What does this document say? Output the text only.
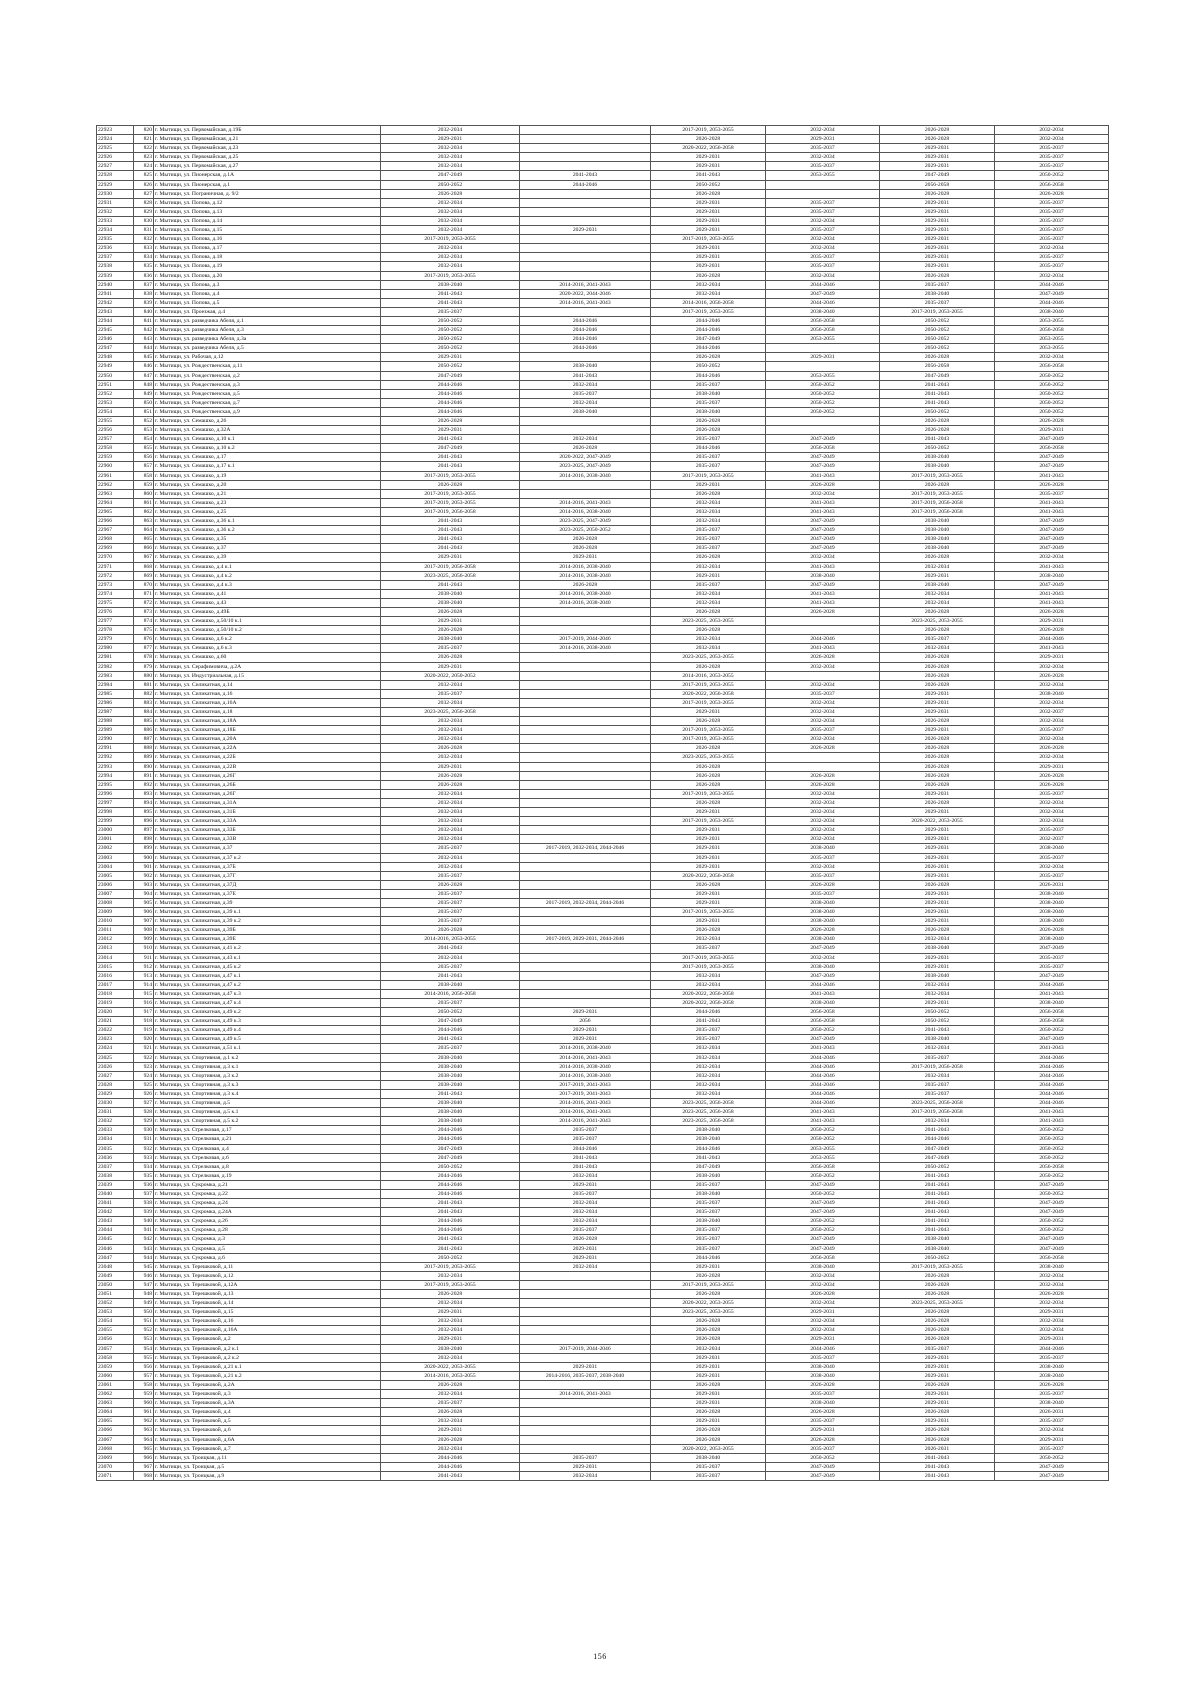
22923	820	г. Мытищи, ул. Первомайская, д.19Б	2032-2034		2017-2019, 2053-2055	2032-2034	2026-2028	2032-2034
22924	821	г. Мытищи, ул. Первомайская, д.21	2029-2031		2026-2028	2029-2031	2026-2028	2032-2034
22925	822	г. Мытищи, ул. Первомайская, д.23	2032-2034		2020-2022, 2056-2058	2035-2037	2029-2031	2035-2037
22926	823	г. Мытищи, ул. Первомайская, д.25	2032-2034		2029-2031	2032-2034	2029-2031	2035-2037
22927	824	г. Мытищи, ул. Первомайская, д.27	2032-2034		2029-2031	2035-2037	2029-2031	2035-2037
22928	825	г. Мытищи, ул. Пионерская, д.1А	2047-2049	2041-2043	2041-2043	2053-2055	2047-2049	2050-2052
22929	826	г. Мытищи, ул. Пионерская, д.1	2050-2052	2044-2046	2050-2052		2056-2058	2056-2058
22930	827	г. Мытищи, ул. Пограничная, д. 9/2	2026-2028		2026-2028		2026-2028	2026-2028
22931	828	г. Мытищи, ул. Попова, д.12	2032-2034		2029-2031	2035-2037	2029-2031	2035-2037
22932	829	г. Мытищи, ул. Попова, д.13	2032-2034		2029-2031	2035-2037	2029-2031	2035-2037
22933	830	г. Мытищи, ул. Попова, д.14	2032-2034		2029-2031	2032-2034	2029-2031	2035-2037
22934	831	г. Мытищи, ул. Попова, д.15	2032-2034	2029-2031	2029-2031	2035-2037	2029-2031	2035-2037
22935	832	г. Мытищи, ул. Попова, д.16	2017-2019, 2053-2055		2017-2019, 2053-2055	2032-2034	2029-2031	2035-2037
22936	833	г. Мытищи, ул. Попова, д.17	2032-2034		2029-2031	2032-2034	2029-2031	2032-2034
22937	834	г. Мытищи, ул. Попова, д.18	2032-2034		2029-2031	2035-2037	2029-2031	2035-2037
22938	835	г. Мытищи, ул. Попова, д.19	2032-2034		2029-2031	2035-2037	2029-2031	2035-2037
22939	836	г. Мытищи, ул. Попова, д.20	2017-2019, 2053-2055		2026-2028	2032-2034	2026-2028	2032-2034
22940	837	г. Мытищи, ул. Попова, д.3	2038-2040	2014-2016, 2041-2043	2032-2034	2044-2046	2035-2037	2044-2046
22941	838	г. Мытищи, ул. Попова, д.4	2041-2043	2020-2022, 2044-2046	2032-2034	2047-2049	2038-2040	2047-2049
22942	839	г. Мытищи, ул. Попова, д.5	2041-2043	2014-2016, 2041-2043	2014-2016, 2056-2058	2044-2046	2035-2037	2044-2046
22943	840	г. Мытищи, ул. Проезжая, д.4	2035-2037		2017-2019, 2053-2055	2038-2040	2017-2019, 2053-2055	2038-2040
22944	841	г. Мытищи, ул. разведчика Абеля, д.1	2050-2052	2044-2046	2044-2046	2056-2058	2050-2052	2053-2055
22945	842	г. Мытищи, ул. разведчика Абеля, д.3	2050-2052	2044-2046	2044-2046	2056-2058	2050-2052	2056-2058
22946	843	г. Мытищи, ул. разведчика Абеля, д.3а	2050-2052	2044-2046	2047-2049	2053-2055	2050-2052	2053-2055
22947	844	г. Мытищи, ул. разведчика Абеля, д.5	2050-2052	2044-2046	2044-2046		2050-2052	2053-2055
22948	845	г. Мытищи, ул. Рабочая, д.12	2029-2031		2026-2028	2029-2031	2026-2028	2032-2034
22949	846	г. Мытищи, ул. Рождественская, д.11	2050-2052	2038-2040	2050-2052		2056-2058	2056-2058
22950	847	г. Мытищи, ул. Рождественская, д.2	2047-2049	2041-2043	2044-2046	2053-2055	2047-2049	2050-2052
22951	848	г. Мытищи, ул. Рождественская, д.3	2044-2046	2032-2034	2035-2037	2050-2052	2041-2043	2050-2052
22952	849	г. Мытищи, ул. Рождественская, д.5	2044-2046	2035-2037	2038-2040	2050-2052	2041-2043	2050-2052
22953	850	г. Мытищи, ул. Рождественская, д.7	2044-2046	2032-2034	2035-2037	2050-2052	2041-2043	2050-2052
22954	851	г. Мытищи, ул. Рождественская, д.9	2044-2046	2038-2040	2038-2040	2050-2052	2050-2052	2050-2052
22955	852	г. Мытищи, ул. Семашко, д.26	2026-2028		2026-2028		2026-2028	2026-2028
22956	853	г. Мытищи, ул. Семашко, д.32А	2029-2031		2026-2028		2026-2028	2029-2031
22957	854	г. Мытищи, ул. Семашко, д.10 к.1	2041-2043	2032-2034	2035-2037	2047-2049	2041-2043	2047-2049
22958	855	г. Мытищи, ул. Семашко, д.10 к.2	2047-2049	2026-2028	2044-2046	2056-2058	2050-2052	2056-2058
22959	856	г. Мытищи, ул. Семашко, д.17	2041-2043	2020-2022, 2047-2049	2035-2037	2047-2049	2038-2040	2047-2049
22960	857	г. Мытищи, ул. Семашко, д.17 к.1	2041-2043	2023-2025, 2047-2049	2035-2037	2047-2049	2038-2040	2047-2049
22961	858	г. Мытищи, ул. Семашко, д.19	2017-2019, 2053-2055	2014-2016, 2038-2040	2017-2019, 2053-2055	2041-2043	2017-2019, 2053-2055	2041-2043
22962	859	г. Мытищи, ул. Семашко, д.20	2026-2028		2029-2031	2026-2028	2026-2028	2026-2028
22963	860	г. Мытищи, ул. Семашко, д.21	2017-2019, 2053-2055		2026-2028	2032-2034	2017-2019, 2053-2055	2035-2037
22964	861	г. Мытищи, ул. Семашко, д.23	2017-2019, 2053-2055	2014-2016, 2041-2043	2032-2034	2041-2043	2017-2019, 2056-2058	2041-2043
22965	862	г. Мытищи, ул. Семашко, д.25	2017-2019, 2056-2058	2014-2016, 2038-2040	2032-2034	2041-2043	2017-2019, 2056-2058	2041-2043
22966	863	г. Мытищи, ул. Семашко, д.36 к.1	2041-2043	2023-2025, 2047-2049	2032-2034	2047-2049	2038-2040	2047-2049
22967	864	г. Мытищи, ул. Семашко, д.36 к.2	2041-2043	2023-2025, 2050-2052	2035-2037	2047-2049	2038-2040	2047-2049
22968	865	г. Мытищи, ул. Семашко, д.35	2041-2043	2026-2028	2035-2037	2047-2049	2038-2040	2047-2049
22969	866	г. Мытищи, ул. Семашко, д.37	2041-2043	2026-2028	2035-2037	2047-2049	2038-2040	2047-2049
22970	867	г. Мытищи, ул. Семашко, д.39	2029-2031	2029-2031	2026-2028	2032-2034	2026-2028	2032-2034
22971	868	г. Мытищи, ул. Семашко, д.4 к.1	2017-2019, 2056-2058	2014-2016, 2038-2040	2032-2034	2041-2043	2032-2034	2041-2043
22972	869	г. Мытищи, ул. Семашко, д.4 к.2	2023-2025, 2056-2058	2014-2016, 2038-2040	2029-2031	2038-2040	2029-2031	2038-2040
22973	870	г. Мытищи, ул. Семашко, д.4 к.3	2041-2043	2026-2028	2035-2037	2047-2049	2038-2040	2047-2049
22974	871	г. Мытищи, ул. Семашко, д.41	2038-2040	2014-2016, 2038-2040	2032-2034	2041-2043	2032-2034	2041-2043
22975	872	г. Мытищи, ул. Семашко, д.43	2038-2040	2014-2016, 2038-2040	2032-2034	2041-2043	2032-2034	2041-2043
22976	873	г. Мытищи, ул. Семашко, д.49Б	2026-2028		2026-2028	2026-2028	2026-2028	2026-2028
22977	874	г. Мытищи, ул. Семашко, д.50/10 к.1	2029-2031		2023-2025, 2053-2055		2023-2025, 2053-2055	2029-2031
22978	875	г. Мытищи, ул. Семашко, д.50/10 к.2	2026-2028		2026-2028		2026-2028	2026-2028
22979	876	г. Мытищи, ул. Семашко, д.6 к.2	2038-2040	2017-2019, 2044-2046	2032-2034	2044-2046	2035-2037	2044-2046
22980	877	г. Мытищи, ул. Семашко, д.6 к.3	2035-2037	2014-2016, 2038-2040	2032-2034	2041-2043	2032-2034	2041-2043
22981	878	г. Мытищи, ул. Семашко, д.60	2026-2028		2023-2025, 2053-2055	2026-2028	2026-2028	2029-2031
22982	879	г. Мытищи, ул. Серафимовича, д.2А	2029-2031		2026-2028	2032-2034	2026-2028	2032-2034
22983	880	г. Мытищи, ул. Индустриальная, д.15	2020-2022, 2050-2052		2014-2016, 2053-2055		2026-2028	2026-2028
22984	881	г. Мытищи, ул. Силикатная, д.14	2032-2034		2017-2019, 2053-2055	2032-2034	2026-2028	2032-2034
22985	882	г. Мытищи, ул. Силикатная, д.16	2035-2037		2020-2022, 2056-2058	2035-2037	2029-2031	2038-2040
22986	883	г. Мытищи, ул. Силикатная, д.16А	2032-2034		2017-2019, 2053-2055	2032-2034	2029-2031	2032-2034
22987	884	г. Мытищи, ул. Силикатная, д.18	2023-2025, 2056-2058		2029-2031	2032-2034	2029-2031	2032-2037
22988	885	г. Мытищи, ул. Силикатная, д.18А	2032-2034		2026-2028	2032-2034	2026-2028	2032-2034
22989	886	г. Мытищи, ул. Силикатная, д.18Б	2032-2034		2017-2019, 2053-2055	2035-2037	2029-2031	2035-2037
22990	887	г. Мытищи, ул. Силикатная, д.20А	2032-2034		2017-2019, 2053-2055	2032-2034	2026-2028	2032-2034
22991	888	г. Мытищи, ул. Силикатная, д.22А	2026-2028		2026-2028	2026-2028	2026-2028	2026-2028
22992	889	г. Мытищи, ул. Силикатная, д.22Б	2032-2034		2023-2025, 2053-2055		2026-2028	2032-2034
22993	890	г. Мытищи, ул. Силикатная, д.22В	2029-2031		2026-2028		2026-2028	2029-2031
22994	891	г. Мытищи, ул. Силикатная, д.26Г	2026-2028		2026-2028	2026-2028	2026-2028	2026-2028
22995	892	г. Мытищи, ул. Силикатная, д.26Б	2026-2028		2026-2028	2026-2028	2026-2028	2026-2028
22996	893	г. Мытищи, ул. Силикатная, д.26Г	2032-2034		2017-2019, 2053-2055	2032-2034	2029-2031	2035-2037
22997	894	г. Мытищи, ул. Силикатная, д.31А	2032-2034		2026-2028	2032-2034	2026-2028	2032-2034
22998	895	г. Мытищи, ул. Силикатная, д.31Б	2032-2034		2029-2031	2032-2034	2029-2031	2032-2034
22999	896	г. Мытищи, ул. Силикатная, д.33А	2032-2034		2017-2019, 2053-2055	2032-2034	2020-2022, 2053-2055	2032-2034
23000	897	г. Мытищи, ул. Силикатная, д.33Б	2032-2034		2029-2031	2032-2034	2029-2031	2035-2037
23001	898	г. Мытищи, ул. Силикатная, д.33В	2032-2034		2029-2031	2032-2034	2029-2031	2032-2037
23002	899	г. Мытищи, ул. Силикатная, д.37	2035-2037	2017-2019, 2032-2034, 2044-2046	2029-2031	2038-2040	2029-2031	2038-2040
23003	900	г. Мытищи, ул. Силикатная, д.37 к.2	2032-2034		2029-2031	2035-2037	2029-2031	2035-2037
23004	901	г. Мытищи, ул. Силикатная, д.37Б	2032-2034		2029-2031	2032-2034	2026-2031	2032-2034
23005	902	г. Мытищи, ул. Силикатная, д.37Г	2035-2037		2020-2022, 2056-2058	2035-2037	2029-2031	2035-2037
23006	903	г. Мытищи, ул. Силикатная, д.37Д	2026-2028		2026-2028	2026-2028	2026-2028	2026-2031
23007	904	г. Мытищи, ул. Силикатная, д.37Е	2035-2037		2029-2031	2035-2037	2029-2031	2038-2040
23008	905	г. Мытищи, ул. Силикатная, д.39	2035-2037	2017-2019, 2032-2034, 2044-2046	2029-2031	2038-2040	2029-2031	2038-2040
23009	906	г. Мытищи, ул. Силикатная, д.39 к.1	2035-2037		2017-2019, 2053-2055	2038-2040	2029-2031	2038-2040
23010	907	г. Мытищи, ул. Силикатная, д.39 к.2	2035-2037		2029-2031	2038-2040	2029-2031	2038-2040
23011	908	г. Мытищи, ул. Силикатная, д.39Б	2026-2028		2026-2028	2026-2028	2026-2028	2026-2028
23012	909	г. Мытищи, ул. Силикатная, д.39Е	2014-2016, 2053-2055	2017-2019, 2029-2031, 2044-2046	2032-2034	2038-2040	2032-2034	2038-2040
23013	910	г. Мытищи, ул. Силикатная, д.41 к.2	2041-2043		2035-2037	2047-2049	2038-2040	2047-2049
23014	911	г. Мытищи, ул. Силикатная, д.43 к.1	2032-2034		2017-2019, 2053-2055	2032-2034	2029-2031	2035-2037
23015	912	г. Мытищи, ул. Силикатная, д.45 к.2	2035-2037		2017-2019, 2053-2055	2038-2040	2029-2031	2035-2037
23016	913	г. Мытищи, ул. Силикатная, д.47 к.1	2041-2043		2032-2034	2047-2049	2038-2040	2047-2049
23017	914	г. Мытищи, ул. Силикатная, д.47 к.2	2038-2040		2032-2034	2044-2046	2032-2034	2044-2046
23018	915	г. Мытищи, ул. Силикатная, д.47 к.3	2014-2016, 2056-2058		2020-2022, 2056-2058	2041-2043	2032-2034	2041-2043
23019	916	г. Мытищи, ул. Силикатная, д.47 к.4	2035-2037		2020-2022, 2056-2058	2038-2040	2029-2031	2038-2040
23020	917	г. Мытищи, ул. Силикатная, д.49 к.2	2050-2052	2029-2031	2044-2046	2056-2058	2050-2052	2056-2058
23021	918	г. Мытищи, ул. Силикатная, д.49 к.3	2047-2049	2056	2041-2043	2056-2058	2050-2052	2056-2058
23022	919	г. Мытищи, ул. Силикатная, д.49 к.4	2044-2046	2029-2031	2035-2037	2050-2052	2041-2043	2050-2052
23023	920	г. Мытищи, ул. Силикатная, д.49 к.5	2041-2043	2029-2031	2035-2037	2047-2049	2038-2040	2047-2049
23024	921	г. Мытищи, ул. Силикатная, д.51 к.1	2035-2037	2014-2016, 2038-2040	2032-2034	2041-2043	2032-2034	2041-2043
23025	922	г. Мытищи, ул. Спортивная, д.1 к.2	2038-2040	2014-2016, 2041-2043	2032-2034	2044-2046	2035-2037	2044-2046
23026	923	г. Мытищи, ул. Спортивная, д.3 к.1	2038-2040	2014-2016, 2038-2040	2032-2034	2044-2046	2017-2019, 2056-2058	2044-2046
23027	924	г. Мытищи, ул. Спортивная, д.3 к.2	2038-2040	2014-2016, 2038-2040	2032-2034	2044-2046	2032-2034	2044-2046
23028	925	г. Мытищи, ул. Спортивная, д.3 к.3	2038-2040	2017-2019, 2041-2043	2032-2034	2044-2046	2035-2037	2044-2046
23029	926	г. Мытищи, ул. Спортивная, д.3 к.4	2041-2043	2017-2019, 2041-2043	2032-2034	2044-2046	2035-2037	2044-2046
23030	927	г. Мытищи, ул. Спортивная, д.5	2038-2040	2014-2016, 2041-2043	2023-2025, 2056-2058	2044-2046	2023-2025, 2056-2058	2044-2046
23031	928	г. Мытищи, ул. Спортивная, д.5 к.1	2038-2040	2014-2016, 2041-2043	2023-2025, 2056-2058	2041-2043	2017-2019, 2056-2058	2041-2043
23032	929	г. Мытищи, ул. Спортивная, д.5 к.2	2038-2040	2014-2016, 2041-2043	2023-2025, 2056-2058	2041-2043	2032-2034	2041-2043
23033	930	г. Мытищи, ул. Стрелковая, д.17	2044-2046	2035-2037	2038-2040	2050-2052	2041-2043	2050-2052
23034	931	г. Мытищи, ул. Стрелковая, д.21	2044-2046	2035-2037	2038-2040	2050-2052	2044-2046	2050-2052
23035	932	г. Мытищи, ул. Стрелковая, д.4	2047-2049	2044-2046	2044-2046	2053-2055	2047-2049	2050-2052
23036	933	г. Мытищи, ул. Стрелковая, д.6	2047-2049	2041-2043	2041-2043	2053-2055	2047-2049	2050-2052
23037	934	г. Мытищи, ул. Стрелковая, д.8	2050-2052	2041-2043	2047-2049	2056-2058	2050-2052	2056-2058
23038	935	г. Мытищи, ул. Стрелковая, д.19	2044-2046	2032-2034	2038-2040	2050-2052	2041-2043	2050-2052
23039	936	г. Мытищи, ул. Сукромка, д.21	2044-2046	2029-2031	2035-2037	2047-2049	2041-2043	2047-2049
23040	937	г. Мытищи, ул. Сукромка, д.22	2044-2046	2035-2037	2038-2040	2050-2052	2041-2043	2050-2052
23041	938	г. Мытищи, ул. Сукромка, д.24	2041-2043	2032-2034	2035-2037	2047-2049	2041-2043	2047-2049
23042	939	г. Мытищи, ул. Сукромка, д.24А	2041-2043	2032-2034	2035-2037	2047-2049	2041-2043	2047-2049
23043	940	г. Мытищи, ул. Сукромка, д.26	2044-2046	2032-2034	2038-2040	2050-2052	2041-2043	2050-2052
23044	941	г. Мытищи, ул. Сукромка, д.28	2044-2046	2035-2037	2035-2037	2050-2052	2041-2043	2050-2052
23045	942	г. Мытищи, ул. Сукромка, д.3	2041-2043	2026-2028	2035-2037	2047-2049	2038-2040	2047-2049
23046	943	г. Мытищи, ул. Сукромка, д.5	2041-2043	2029-2031	2035-2037	2047-2049	2038-2040	2047-2049
23047	944	г. Мытищи, ул. Сукромка, д.6	2050-2052	2029-2031	2044-2046	2056-2058	2050-2052	2056-2058
23048	945	г. Мытищи, ул. Терешковой, д.11	2017-2019, 2053-2055	2032-2034	2029-2031	2038-2040	2017-2019, 2053-2055	2038-2040
23049	946	г. Мытищи, ул. Терешковой, д.12	2032-2034		2026-2028	2032-2034	2026-2028	2032-2034
23050	947	г. Мытищи, ул. Терешковой, д.12А	2017-2019, 2053-2055		2017-2019, 2053-2055	2032-2034	2026-2028	2032-2034
23051	948	г. Мытищи, ул. Терешковой, д.13	2026-2028		2026-2028	2026-2028	2026-2028	2026-2028
23052	949	г. Мытищи, ул. Терешковой, д.14	2032-2034		2020-2022, 2053-2055	2032-2034	2023-2025, 2053-2055	2032-2034
23053	950	г. Мытищи, ул. Терешковой, д.15	2029-2031		2023-2025, 2053-2055	2029-2031	2026-2028	2029-2031
23054	951	г. Мытищи, ул. Терешковой, д.16	2032-2034		2026-2028	2032-2034	2026-2028	2032-2034
23055	952	г. Мытищи, ул. Терешковой, д.16А	2032-2034		2026-2028	2032-2034	2026-2028	2032-2034
23056	953	г. Мытищи, ул. Терешковой, д.2	2029-2031		2026-2028	2029-2031	2026-2028	2029-2031
23057	954	г. Мытищи, ул. Терешковой, д.2 к.1	2038-2040	2017-2019, 2044-2046	2032-2034	2044-2046	2035-2037	2044-2046
23058	955	г. Мытищи, ул. Терешковой, д.2 к.2	2032-2034		2029-2031	2035-2037	2029-2031	2035-2037
23059	956	г. Мытищи, ул. Терешковой, д.21 к.1	2020-2022, 2053-2055	2029-2031	2029-2031	2038-2040	2029-2031	2038-2040
23060	957	г. Мытищи, ул. Терешковой, д.21 к.2	2014-2016, 2053-2055	2014-2016, 2035-2037, 2038-2040	2029-2031	2038-2040	2029-2031	2038-2040
23061	958	г. Мытищи, ул. Терешковой, д.2А	2026-2028		2026-2028	2026-2028	2026-2028	2026-2028
23062	959	г. Мытищи, ул. Терешковой, д.3	2032-2034	2014-2016, 2041-2043	2029-2031	2035-2037	2029-2031	2035-2037
23063	960	г. Мытищи, ул. Терешковой, д.3А	2035-2037		2029-2031	2038-2040	2029-2031	2038-2040
23064	961	г. Мытищи, ул. Терешковой, д.4	2026-2028		2026-2028	2026-2028	2026-2028	2026-2031
23065	962	г. Мытищи, ул. Терешковой, д.5	2032-2034		2029-2031	2035-2037	2029-2031	2035-2037
23066	963	г. Мытищи, ул. Терешковой, д.6	2029-2031		2026-2028	2029-2031	2026-2028	2032-2034
23067	964	г. Мытищи, ул. Терешковой, д.6А	2026-2028		2026-2028	2026-2028	2026-2028	2029-2031
23068	965	г. Мытищи, ул. Терешковой, д.7	2032-2034		2020-2022, 2053-2055	2035-2037	2026-2031	2035-2037
23069	966	г. Мытищи, ул. Троицкая, д.11	2044-2046	2035-2037	2038-2040	2050-2052	2041-2043	2050-2052
23070	967	г. Мытищи, ул. Троицкая, д.5	2044-2046	2029-2031	2035-2037	2047-2049	2041-2043	2047-2049
23071	968	г. Мытищи, ул. Троицкая, д.9	2041-2043	2032-2034	2035-2037	2047-2049	2041-2043	2047-2049
156
